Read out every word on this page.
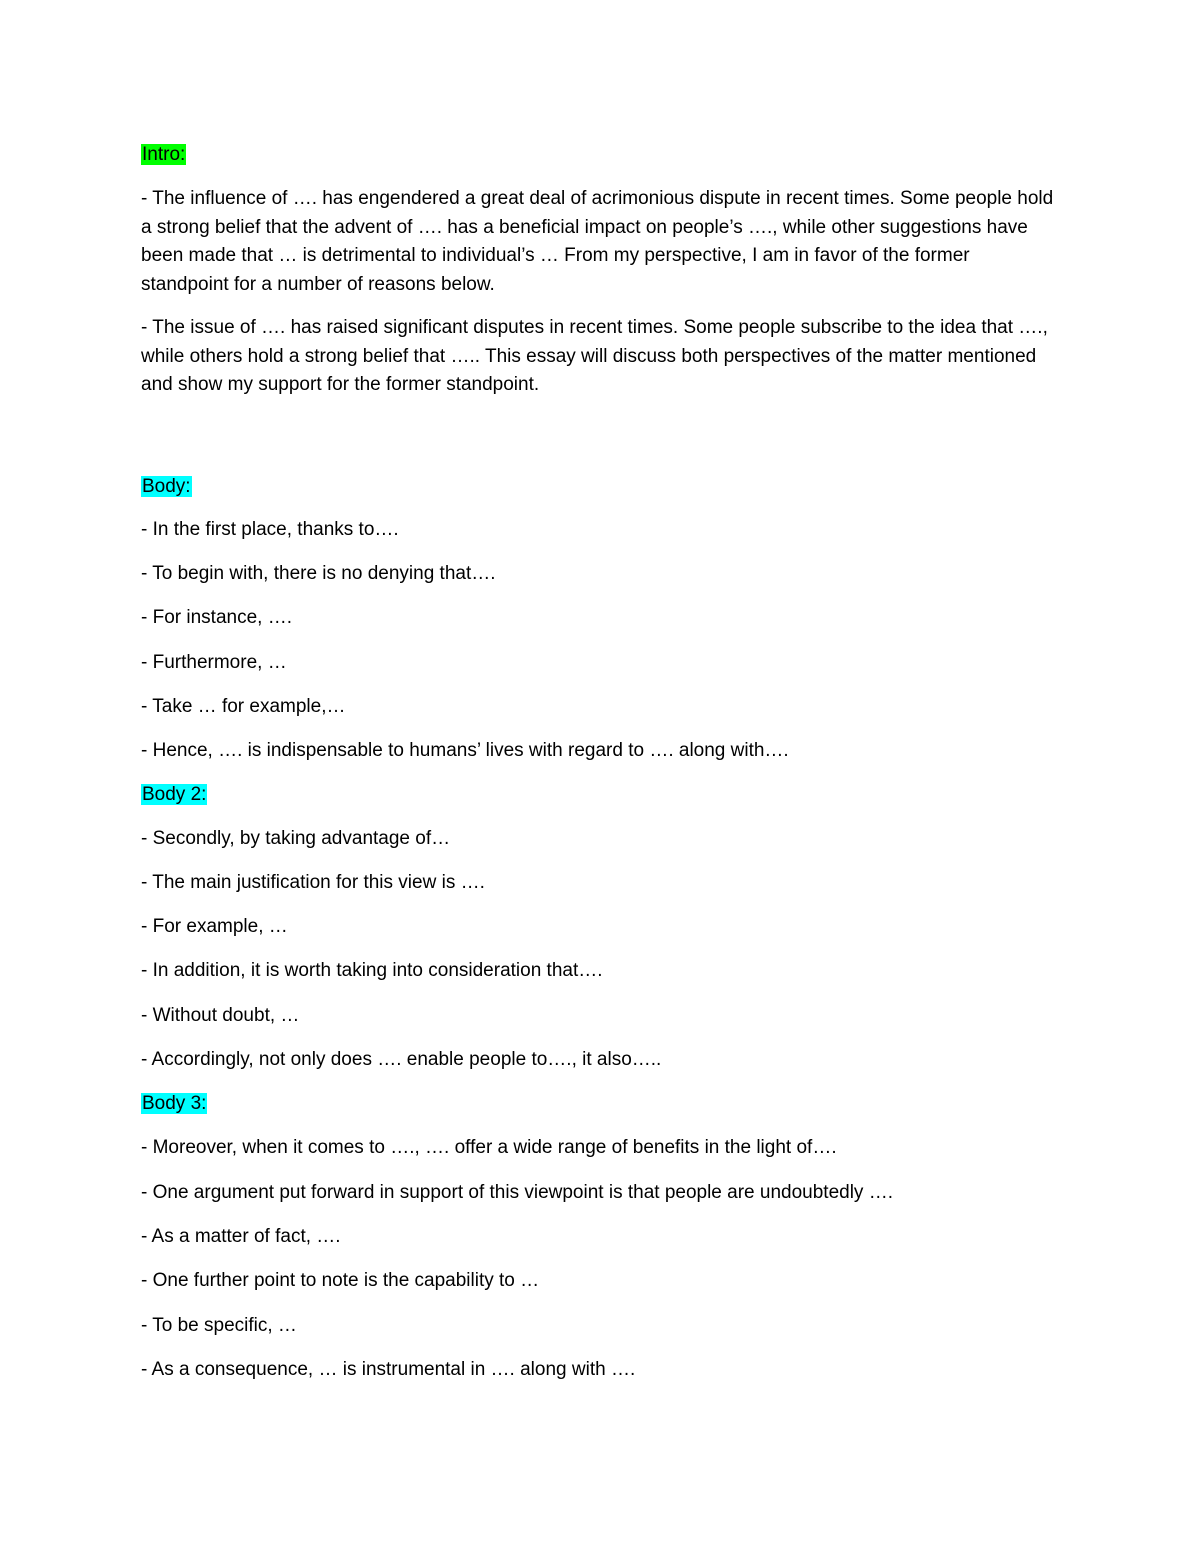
Intro:

- The influence of …. has engendered a great deal of acrimonious dispute in recent times. Some people hold a strong belief that the advent of …. has a beneficial impact on people’s …., while other suggestions have been made that … is detrimental to individual’s … From my perspective, I am in favor of the former standpoint for a number of reasons below.

- The issue of …. has raised significant disputes in recent times. Some people subscribe to the idea that …., while others hold a strong belief that ….. This essay will discuss both perspectives of the matter mentioned and show my support for the former standpoint.

Body:

- In the first place, thanks to….

- To begin with, there is no denying that….

- For instance, ….

- Furthermore, …

- Take … for example,…

- Hence, …. is indispensable to humans’ lives with regard to …. along with….

Body 2:

- Secondly, by taking advantage of…

- The main justification for this view is ….

- For example, …

- In addition, it is worth taking into consideration that….

- Without doubt, …

- Accordingly, not only does …. enable people to…., it also…..

Body 3:

- Moreover, when it comes to …., …. offer a wide range of benefits in the light of….

- One argument put forward in support of this viewpoint is that people are undoubtedly ….

- As a matter of fact, ….

- One further point to note is the capability to …

- To be specific, …

- As a consequence, … is instrumental in …. along with ….
